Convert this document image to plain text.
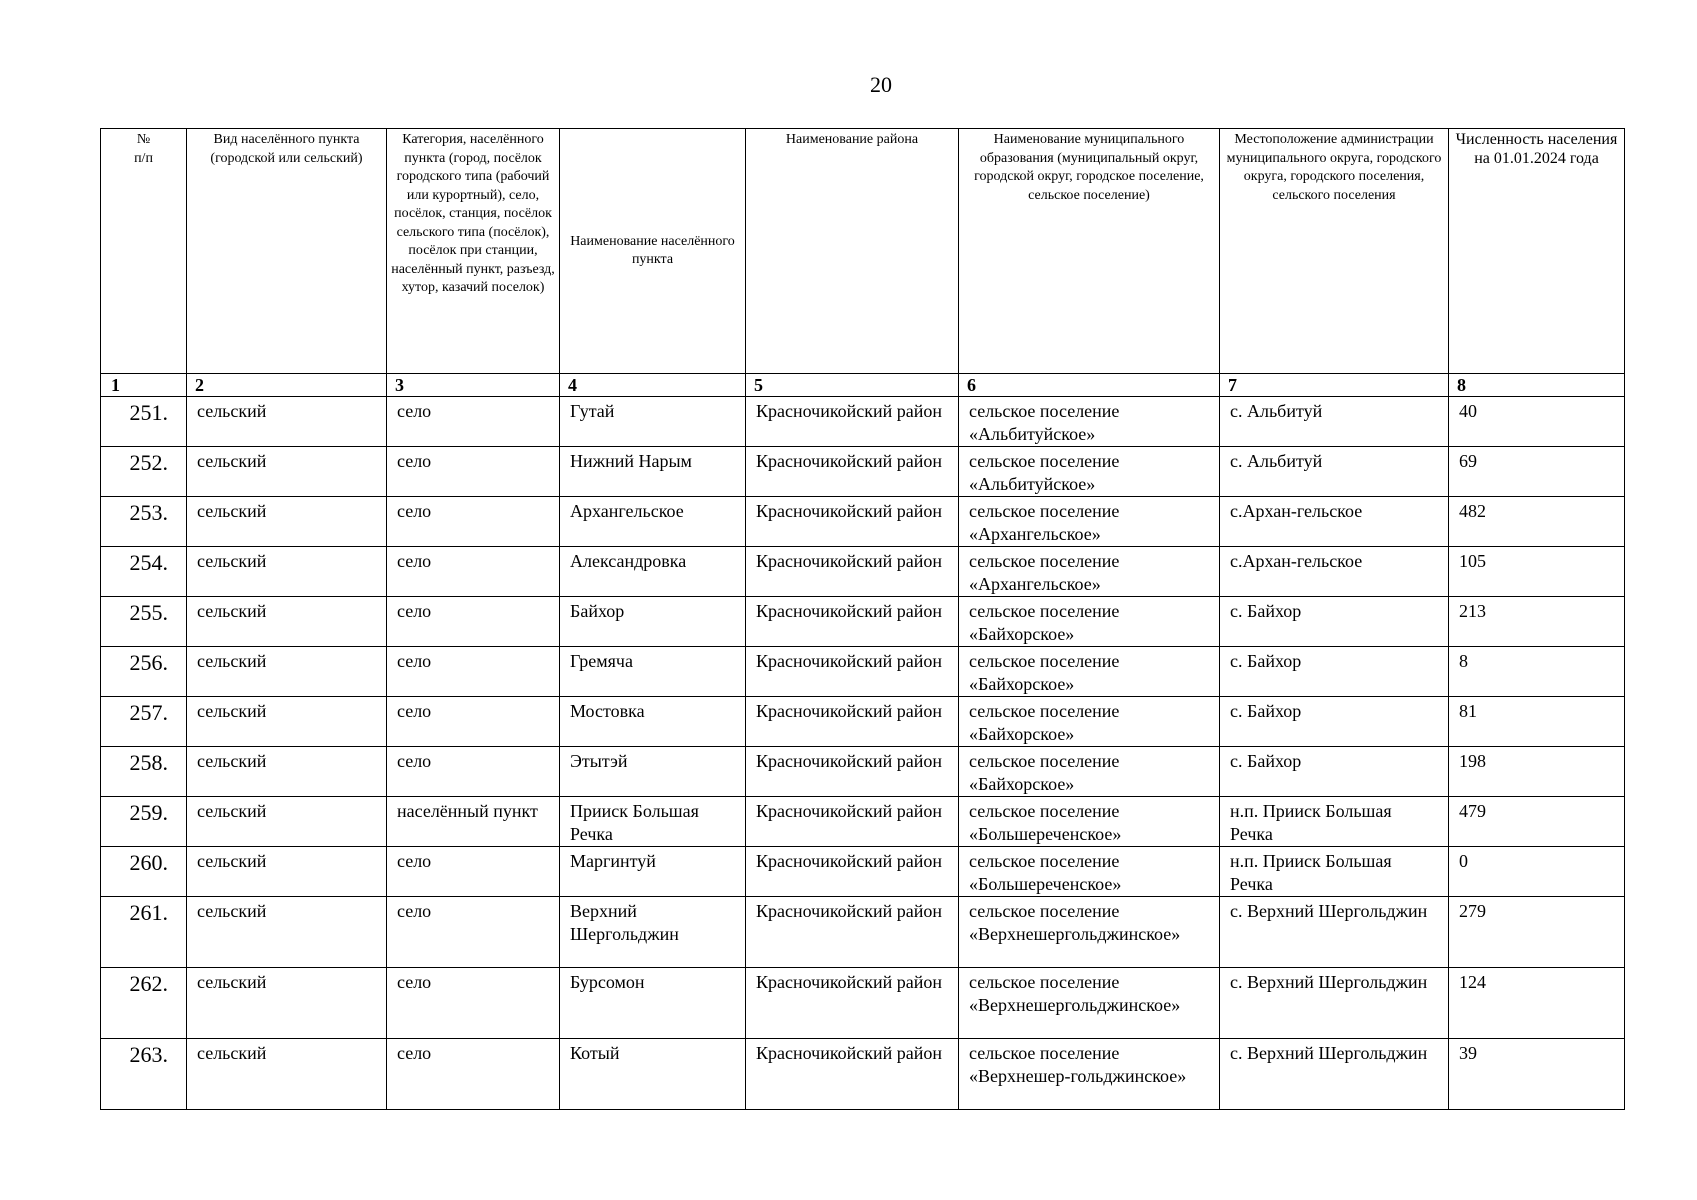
20
№
п/п	Вид населённого пункта (городской или сельский)	Категория, населённого пункта (город, посёлок городского типа (рабочий или курортный), село, посёлок, станция, посёлок сельского типа (посёлок), посёлок при станции, населённый пункт, разъезд, хутор, казачий поселок)	Наименование населённого пункта	Наименование района	Наименование муниципального образования (муниципальный округ, городской округ, городское поселение, сельское поселение)	Местоположение администрации муниципального округа, городского округа, городского поселения, сельского поселения	Численность населения на 01.01.2024 года
1	2	3	4	5	6	7	8
251.	сельский	село	Гутай	Красночикойский район	сельское поселение «Альбитуйское»	с. Альбитуй	40
252.	сельский	село	Нижний Нарым	Красночикойский район	сельское поселение «Альбитуйское»	с. Альбитуй	69
253.	сельский	село	Архангельское	Красночикойский район	сельское поселение «Архангельское»	с.Архан-гельское	482
254.	сельский	село	Александровка	Красночикойский район	сельское поселение «Архангельское»	с.Архан-гельское	105
255.	сельский	село	Байхор	Красночикойский район	сельское поселение «Байхорское»	с. Байхор	213
256.	сельский	село	Гремяча	Красночикойский район	сельское поселение «Байхорское»	с. Байхор	8
257.	сельский	село	Мостовка	Красночикойский район	сельское поселение «Байхорское»	с. Байхор	81
258.	сельский	село	Этытэй	Красночикойский район	сельское поселение «Байхорское»	с. Байхор	198
259.	сельский	населённый пункт	Прииск Большая Речка	Красночикойский район	сельское поселение «Большереченское»	н.п. Прииск Большая Речка	479
260.	сельский	село	Маргинтуй	Красночикойский район	сельское поселение «Большереченское»	н.п. Прииск Большая Речка	0
261.	сельский	село	Верхний Шергольджин	Красночикойский район	сельское поселение «Верхнешергольджинское»	с. Верхний Шергольджин	279
262.	сельский	село	Бурсомон	Красночикойский район	сельское поселение «Верхнешергольджинское»	с. Верхний Шергольджин	124
263.	сельский	село	Котый	Красночикойский район	сельское поселение «Верхнешер-гольджинское»	с. Верхний Шергольджин	39
